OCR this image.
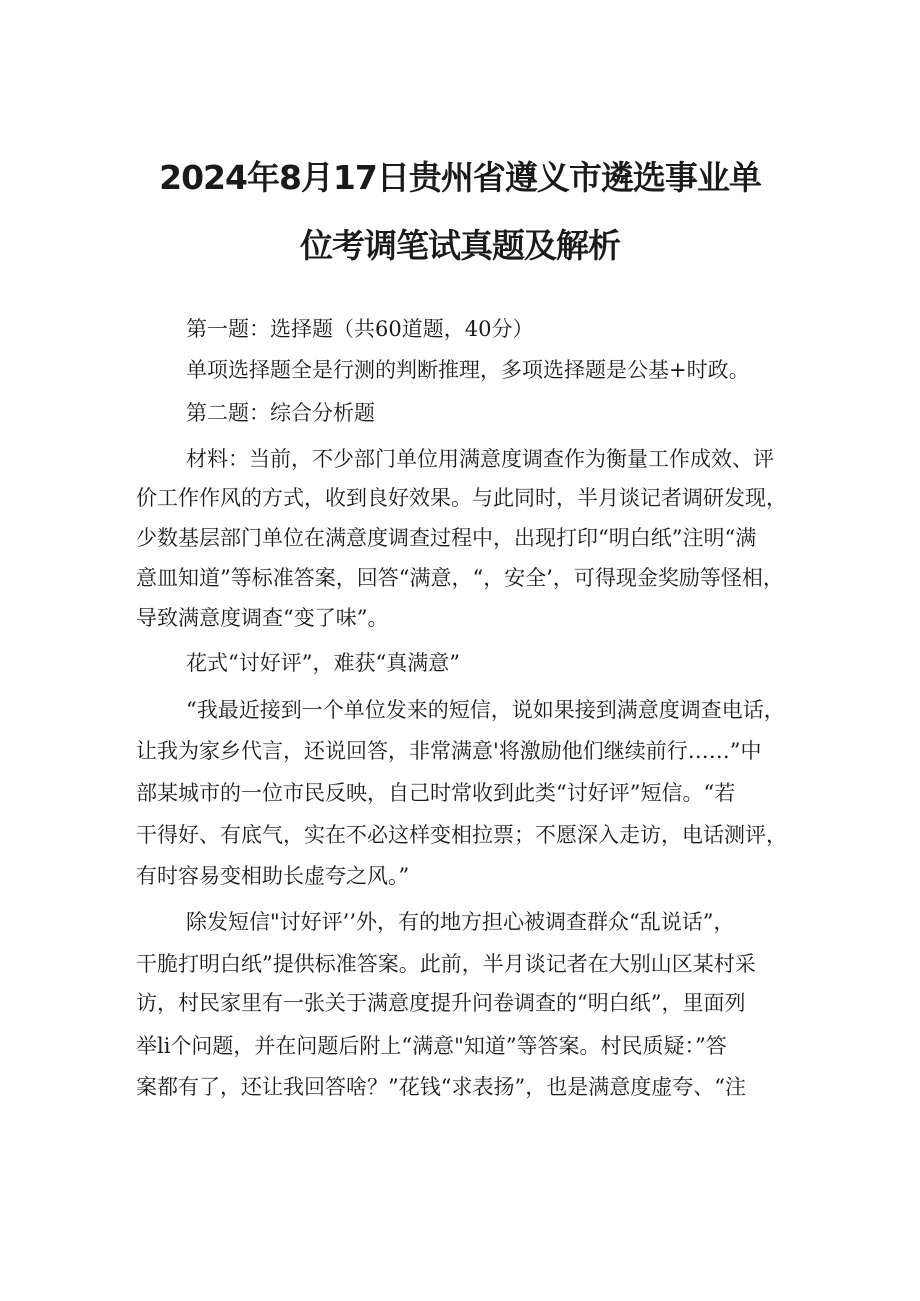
2024年8月17日贵州省遵义市遴选事业单
位考调笔试真题及解析
第一题：选择题（共60道题，40分）
单项选择题全是行测的判断推理，多项选择题是公基+时政。
第二题：综合分析题
材料：当前，不少部门单位用满意度调查作为衡量工作成效、评
价工作作风的方式，收到良好效果。与此同时，半月谈记者调研发现，
少数基层部门单位在满意度调查过程中，出现打印“明白纸”注明“满
意皿知道”等标准答案，回答“满意，“，安全’，可得现金奖励等怪相，
导致满意度调查“变了味”。
花式“讨好评”，难获“真满意”
“我最近接到一个单位发来的短信，说如果接到满意度调查电话，
让我为家乡代言，还说回答，非常满意'将激励他们继续前行……”中
部某城市的一位市民反映，自己时常收到此类“讨好评”短信。“若
干得好、有底气，实在不必这样变相拉票；不愿深入走访，电话测评，
有时容易变相助长虚夸之风。”
除发短信"讨好评’’外，有的地方担心被调查群众“乱说话”，
干脆打明白纸”提供标准答案。此前，半月谈记者在大别山区某村采
访，村民家里有一张关于满意度提升问卷调查的“明白纸”，里面列
举li个问题，并在问题后附上“满意"知道”等答案。村民质疑：”答
案都有了，还让我回答啥？”花钱“求表扬”，也是满意度虚夸、“注
